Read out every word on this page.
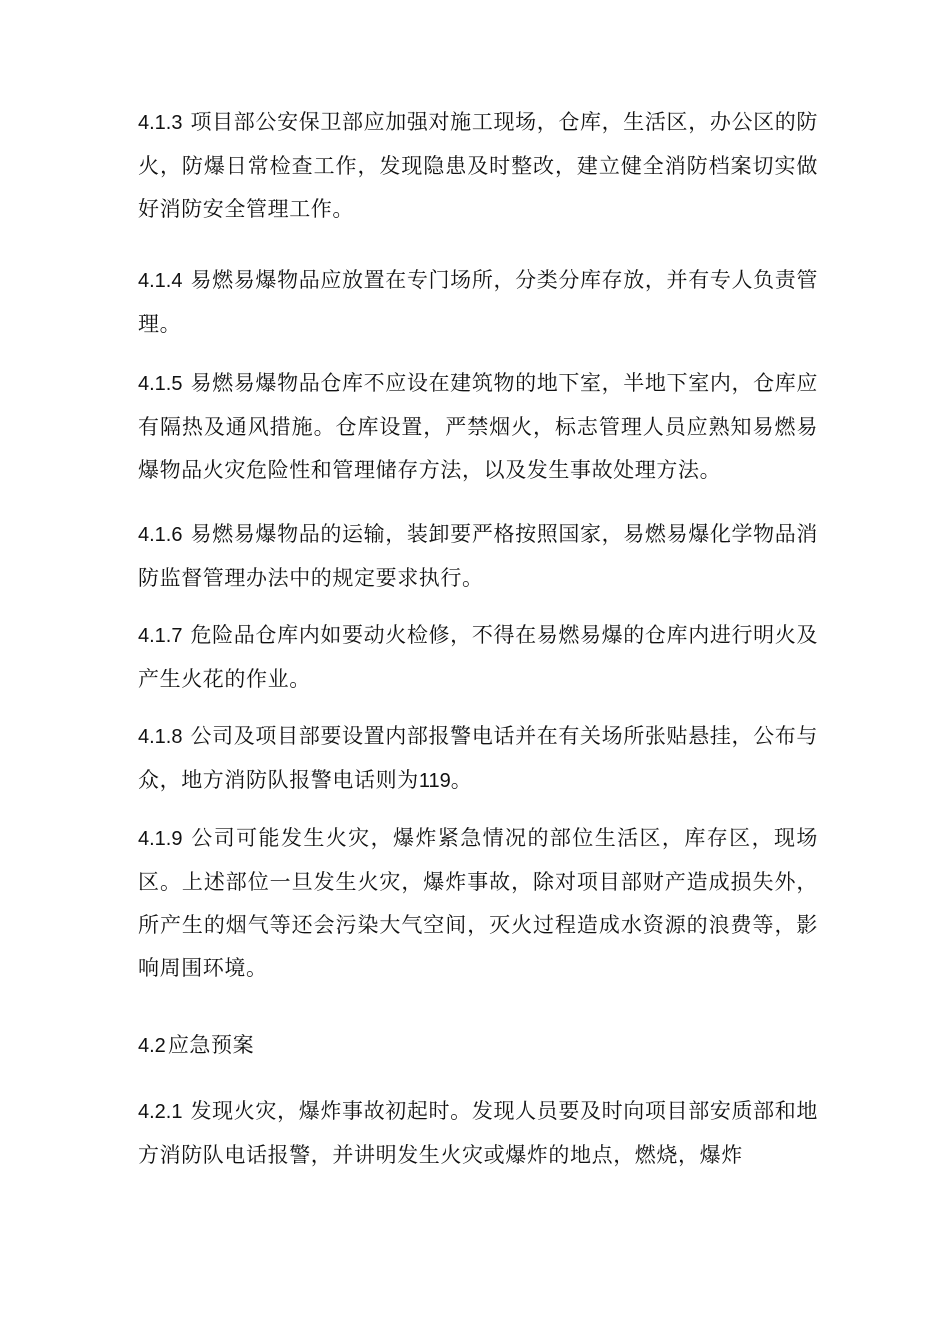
4.1.3 项目部公安保卫部应加强对施工现场，仓库，生活区，办公区的防火，防爆日常检查工作，发现隐患及时整改，建立健全消防档案切实做好消防安全管理工作。

4.1.4 易燃易爆物品应放置在专门场所，分类分库存放，并有专人负责管理。

4.1.5 易燃易爆物品仓库不应设在建筑物的地下室，半地下室内，仓库应有隔热及通风措施。仓库设置，严禁烟火，标志管理人员应熟知易燃易爆物品火灾危险性和管理储存方法，以及发生事故处理方法。

4.1.6 易燃易爆物品的运输，装卸要严格按照国家，易燃易爆化学物品消防监督管理办法中的规定要求执行。

4.1.7 危险品仓库内如要动火检修，不得在易燃易爆的仓库内进行明火及产生火花的作业。

4.1.8 公司及项目部要设置内部报警电话并在有关场所张贴悬挂，公布与众，地方消防队报警电话则为119。

4.1.9 公司可能发生火灾，爆炸紧急情况的部位生活区，库存区，现场区。上述部位一旦发生火灾，爆炸事故，除对项目部财产造成损失外，所产生的烟气等还会污染大气空间，灭火过程造成水资源的浪费等，影响周围环境。

4.2应急预案

4.2.1 发现火灾，爆炸事故初起时。发现人员要及时向项目部安质部和地方消防队电话报警，并讲明发生火灾或爆炸的地点，燃烧，爆炸
